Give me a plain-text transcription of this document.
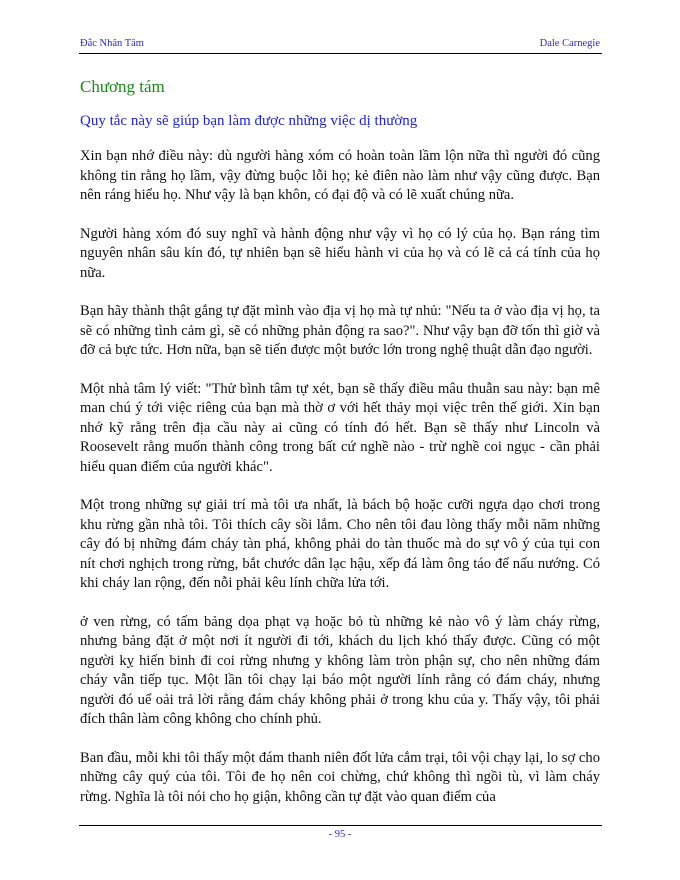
Đắc Nhân Tâm	Dale Carnegie
Chương tám
Quy tắc này sẽ giúp bạn làm được những việc dị thường

Xin bạn nhớ điều này: dù người hàng xóm có hoàn toàn lầm lộn nữa thì người đó cũng không tin rằng họ lầm, vậy đừng buộc lỗi họ; kẻ điên nào làm như vậy cũng được. Bạn nên ráng hiểu họ. Như vậy là bạn khôn, có đại độ và có lẽ xuất chúng nữa.

Người hàng xóm đó suy nghĩ và hành động như vậy vì họ có lý của họ. Bạn ráng tìm nguyên nhân sâu kín đó, tự nhiên bạn sẽ hiểu hành vi của họ và có lẽ cả cá tính của họ nữa.

Bạn hãy thành thật gắng tự đặt mình vào địa vị họ mà tự nhủ: "Nếu ta ở vào địa vị họ, ta sẽ có những tình cảm gì, sẽ có những phản động ra sao?". Như vậy bạn đỡ tốn thì giờ và đỡ cả bực tức. Hơn nữa, bạn sẽ tiến được một bước lớn trong nghệ thuật dẫn đạo người.

Một nhà tâm lý viết: "Thử bình tâm tự xét, bạn sẽ thấy điều mâu thuẫn sau này: bạn mê man chú ý tới việc riêng của bạn mà thờ ơ với hết thảy mọi việc trên thế giới. Xin bạn nhớ kỹ rằng trên địa cầu này ai cũng có tính đó hết. Bạn sẽ thấy như Lincoln và Roosevelt rằng muốn thành công trong bất cứ nghề nào - trừ nghề coi ngục - cần phải hiểu quan điểm của người khác".

Một trong những sự giải trí mà tôi ưa nhất, là bách bộ hoặc cưỡi ngựa dạo chơi trong khu rừng gần nhà tôi. Tôi thích cây sồi lắm. Cho nên tôi đau lòng thấy mỗi năm những cây đó bị những đám cháy tàn phá, không phải do tàn thuốc mà do sự vô ý của tụi con nít chơi nghịch trong rừng, bắt chước dân lạc hậu, xếp đá làm ông táo để nấu nướng. Có khi cháy lan rộng, đến nỗi phải kêu lính chữa lửa tới.

ở ven rừng, có tấm bảng dọa phạt vạ hoặc bỏ tù những kẻ nào vô ý làm cháy rừng, nhưng bảng đặt ở một nơi ít người đi tới, khách du lịch khó thấy được. Cũng có một người kỵ hiến binh đi coi rừng nhưng y không làm tròn phận sự, cho nên những đám cháy vẫn tiếp tục. Một lần tôi chạy lại báo một người lính rằng có đám cháy, nhưng người đó uể oải trả lời rằng đám cháy không phải ở trong khu của y. Thấy vậy, tôi phải đích thân làm công không cho chính phủ.

Ban đầu, mỗi khi tôi thấy một đám thanh niên đốt lửa cắm trại, tôi vội chạy lại, lo sợ cho những cây quý của tôi. Tôi đe họ nên coi chừng, chứ không thì ngồi tù, vì làm cháy rừng. Nghĩa là tôi nói cho họ giận, không cần tự đặt vào quan điểm của

- 95 -
